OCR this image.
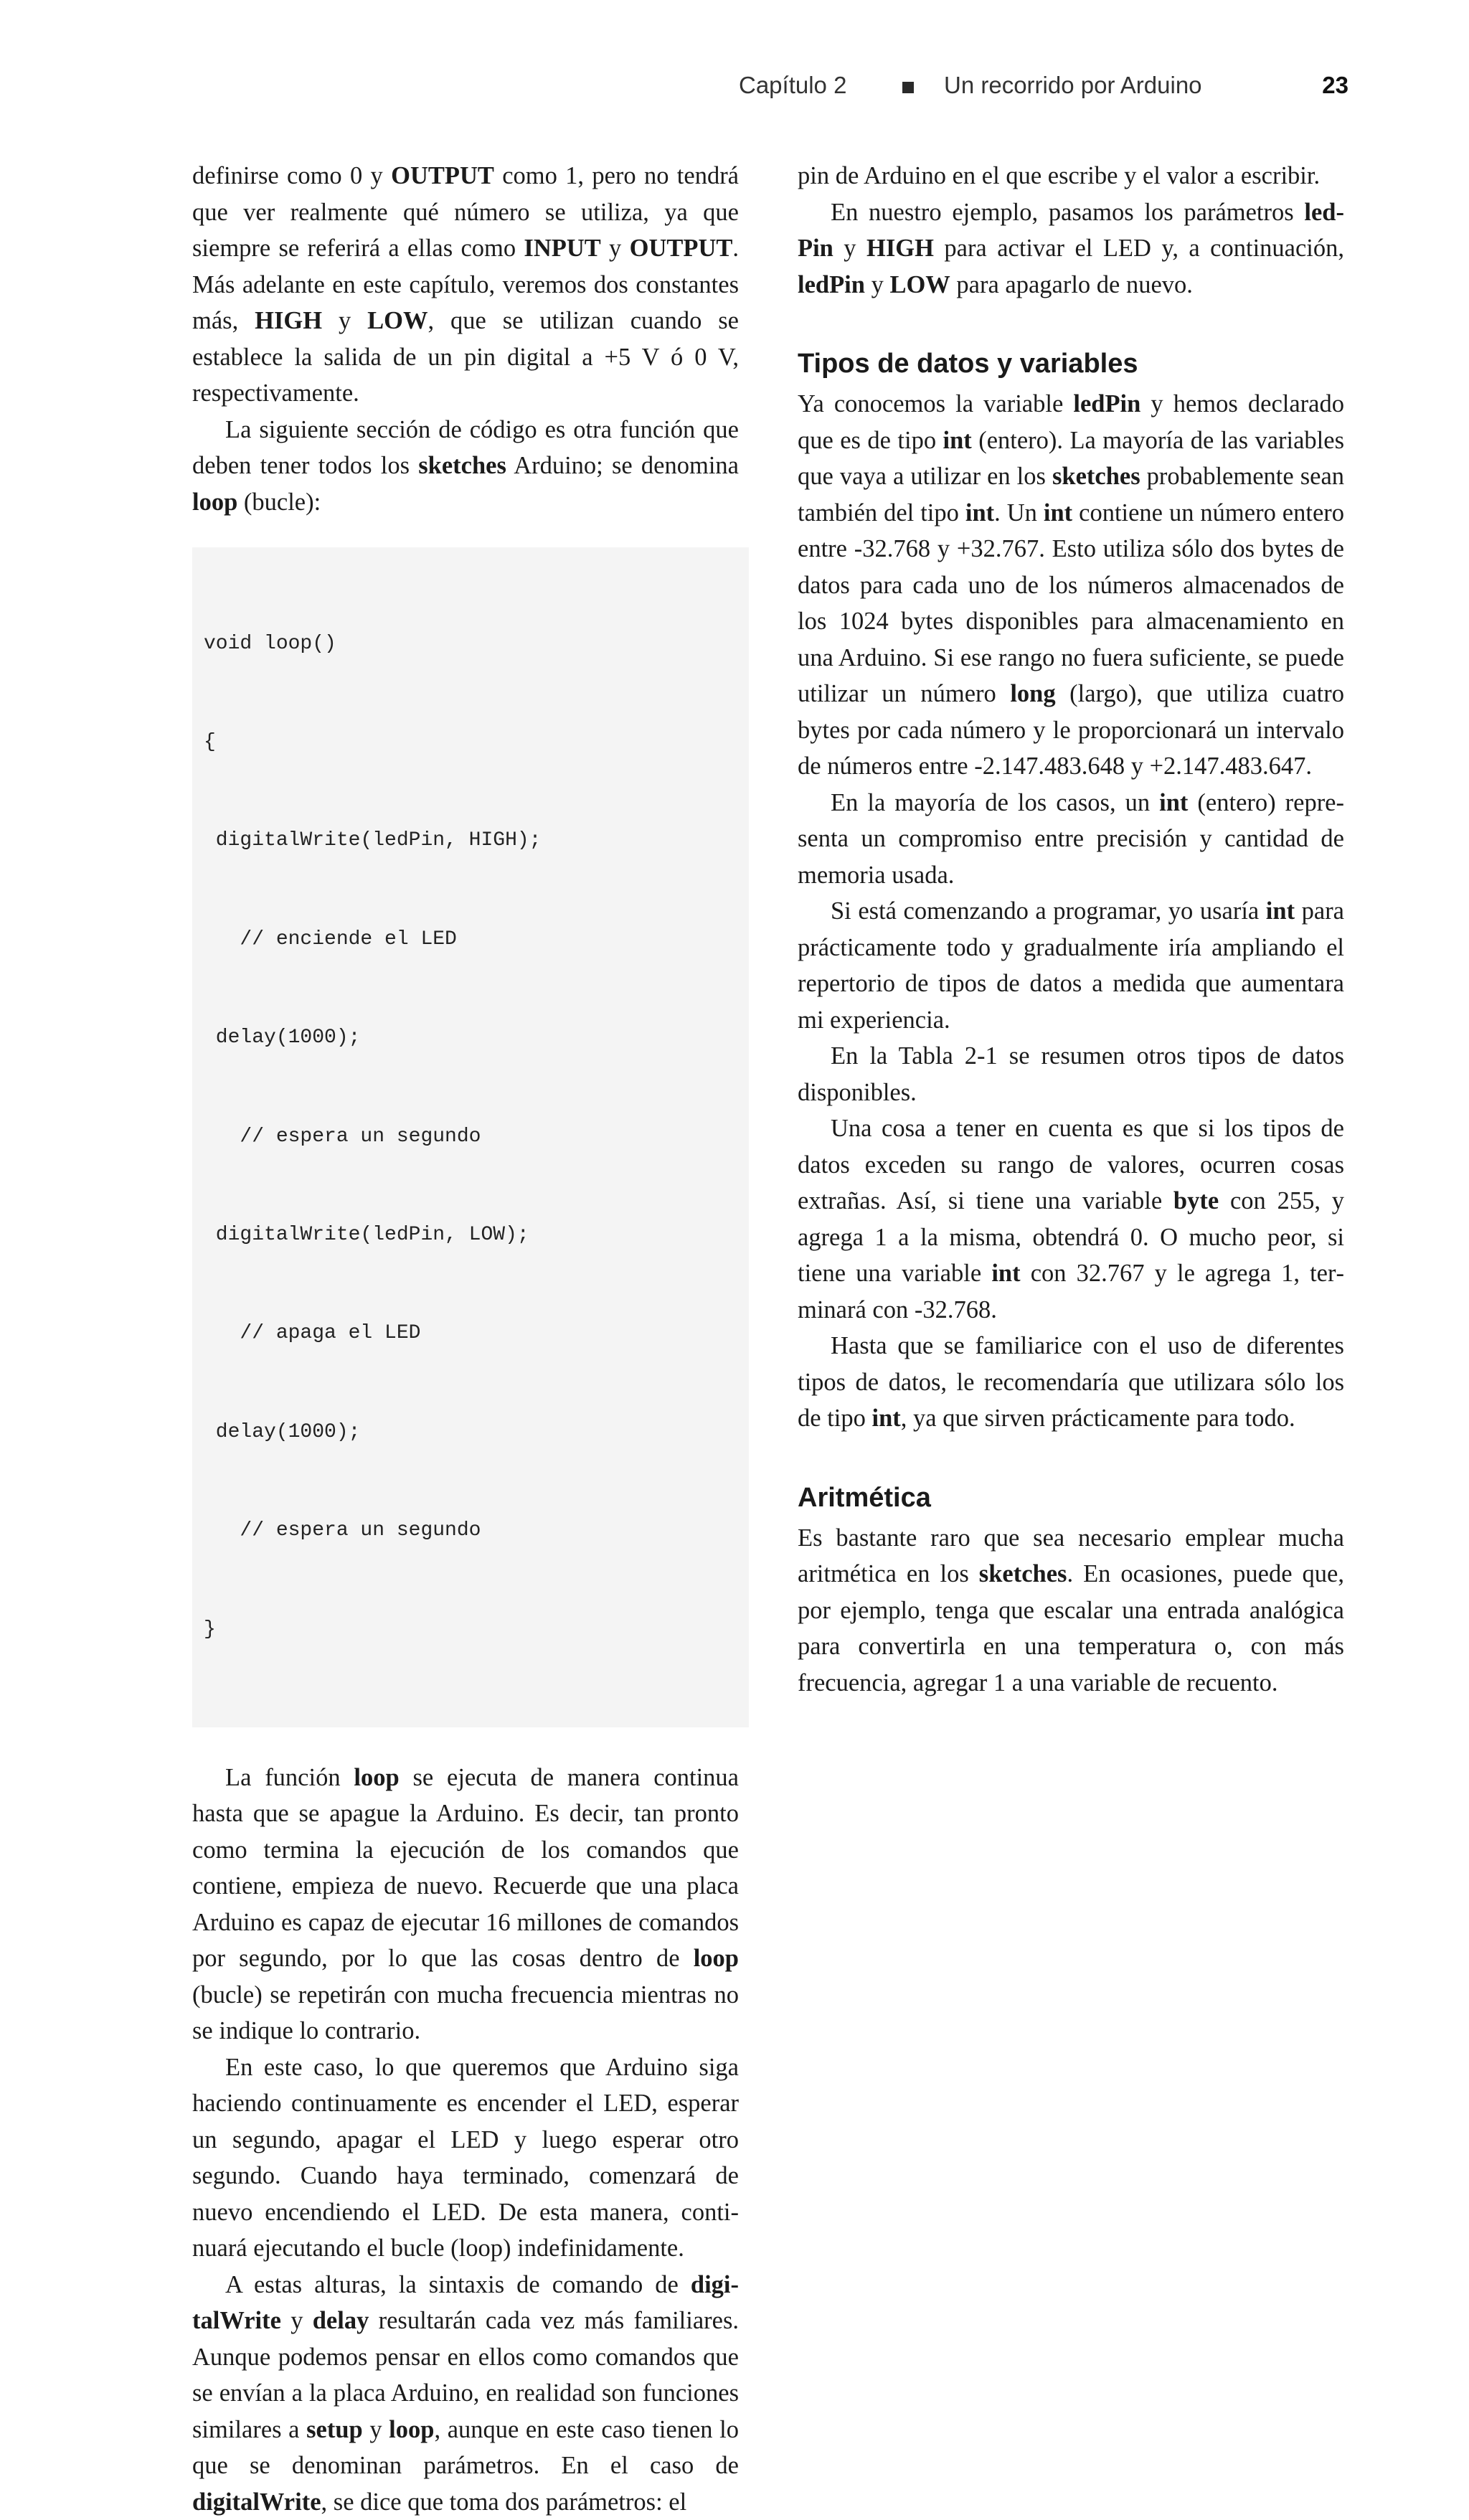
Capítulo 2	Un recorrido por Arduino	23

definirse como 0 y OUTPUT como 1, pero no tendrá que ver realmente qué número se utiliza, ya que siempre se referirá a ellas como INPUT y OUTPUT. Más adelante en este capítulo, veremos dos constantes más, HIGH y LOW, que se utilizan cuando se establece la salida de un pin digital a +5 V ó 0 V, respectivamente.

La siguiente sección de código es otra función que deben tener todos los sketches Arduino; se denomina loop (bucle):

void loop()

{

digitalWrite(ledPin, HIGH);

// enciende el LED

delay(1000);

// espera un segundo

digitalWrite(ledPin, LOW);

// apaga el LED

delay(1000);

// espera un segundo

}

La función loop se ejecuta de manera continua hasta que se apague la Arduino. Es decir, tan pronto como termina la ejecución de los comandos que contiene, empieza de nuevo. Recuerde que una placa Arduino es capaz de ejecutar 16 millones de comandos por segundo, por lo que las cosas dentro de loop (bucle) se repetirán con mucha frecuencia mientras no se indique lo contrario.

En este caso, lo que queremos que Arduino siga haciendo continuamente es encender el LED, esperar un segundo, apagar el LED y luego esperar otro segundo. Cuando haya terminado, comenzará de nuevo encendiendo el LED. De esta manera, continuará ejecutando el bucle (loop) indefinidamente.

A estas alturas, la sintaxis de comando de digitalWrite y delay resultarán cada vez más familiares. Aunque podemos pensar en ellos como comandos que se envían a la placa Arduino, en realidad son funciones similares a setup y loop, aunque en este caso tienen lo que se denominan parámetros. En el caso de digitalWrite, se dice que toma dos parámetros: el

pin de Arduino en el que escribe y el valor a escribir.

En nuestro ejemplo, pasamos los parámetros ledPin y HIGH para activar el LED y, a continuación, ledPin y LOW para apagarlo de nuevo.

Tipos de datos y variables

Ya conocemos la variable ledPin y hemos declarado que es de tipo int (entero). La mayoría de las variables que vaya a utilizar en los sketches probablemente sean también del tipo int. Un int contiene un número entero entre -32.768 y +32.767. Esto utiliza sólo dos bytes de datos para cada uno de los números almacenados de los 1024 bytes disponibles para almacenamiento en una Arduino. Si ese rango no fuera suficiente, se puede utilizar un número long (largo), que utiliza cuatro bytes por cada número y le proporcionará un intervalo de números entre -2.147.483.648 y +2.147.483.647.

En la mayoría de los casos, un int (entero) representa un compromiso entre precisión y cantidad de memoria usada.

Si está comenzando a programar, yo usaría int para prácticamente todo y gradualmente iría ampliando el repertorio de tipos de datos a medida que aumentara mi experiencia.

En la Tabla 2-1 se resumen otros tipos de datos disponibles.

Una cosa a tener en cuenta es que si los tipos de datos exceden su rango de valores, ocurren cosas extrañas. Así, si tiene una variable byte con 255, y agrega 1 a la misma, obtendrá 0. O mucho peor, si tiene una variable int con 32.767 y le agrega 1, terminará con -32.768.

Hasta que se familiarice con el uso de diferentes tipos de datos, le recomendaría que utilizara sólo los de tipo int, ya que sirven prácticamente para todo.

Aritmética

Es bastante raro que sea necesario emplear mucha aritmética en los sketches. En ocasiones, puede que, por ejemplo, tenga que escalar una entrada analógica para convertirla en una temperatura o, con más frecuencia, agregar 1 a una variable de recuento.
